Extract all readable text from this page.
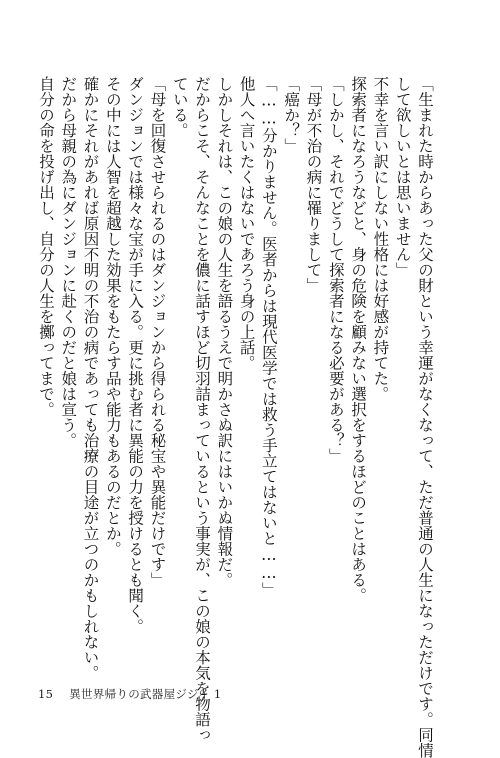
「生まれた時からあった父の財という幸運がなくなって、ただ普通の人生になっただけです。同情
して欲しいとは思いません」
不幸を言い訳にしない性格には好感が持てた。
探索者になろうなどと、身の危険を顧みない選択をするほどのことはある。
「しかし、それでどうして探索者になる必要がある？」
「母が不治の病に罹りまして」
「癌か？」
「……分かりません。医者からは現代医学では救う手立てはないと……」
他人へ言いたくはないであろう身の上話。
しかしそれは、この娘の人生を語るうえで明かさぬ訳にはいかぬ情報だ。
だからこそ、そんなことを儂に話すほど切羽詰まっているという事実が、この娘の本気を物語っ
ている。
「母を回復させられるのはダンジョンから得られる秘宝や異能だけです」
ダンジョンでは様々な宝が手に入る。更に挑む者に異能の力を授けるとも聞く。
その中には人智を超越した効果をもたらす品や能力もあるのだとか。
確かにそれがあれば原因不明の不治の病であっても治療の目途が立つのかもしれない。
だから母親の為にダンジョンに赴くのだと娘は宣う。
自分の命を投げ出し、自分の人生を擲ってまで。
15 異世界帰りの武器屋ジジイ 1
